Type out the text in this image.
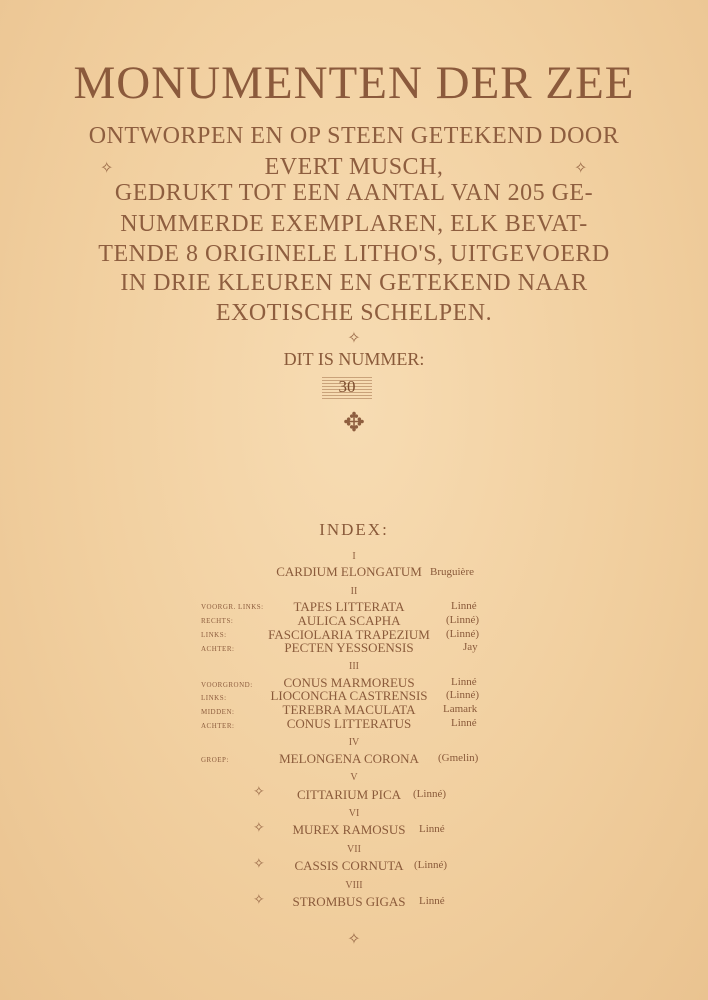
MONUMENTEN DER ZEE
ONTWORPEN EN OP STEEN GETEKEND DOOR
EVERT MUSCH,
✧	✧
GEDRUKT TOT EEN AANTAL VAN 205 GE-
NUMMERDE EXEMPLAREN, ELK BEVAT-
TENDE 8 ORIGINELE LITHO'S, UITGEVOERD
IN DRIE KLEUREN EN GETEKEND NAAR
EXOTISCHE SCHELPEN.
✧
DIT IS NUMMER:
30
✥
INDEX:
I
CARDIUM ELONGATUM Bruguière
II
VOORGR. LINKS:	TAPES LITTERATA	Linné
RECHTS:	AULICA SCAPHA	(Linné)
LINKS:	FASCIOLARIA TRAPEZIUM	(Linné)
ACHTER:	PECTEN YESSOENSIS	Jay
III
VOORGROND:	CONUS MARMOREUS	Linné
LINKS:	LIOCONCHA CASTRENSIS	(Linné)
MIDDEN:	TEREBRA MACULATA	Lamark
ACHTER:	CONUS LITTERATUS	Linné
IV
GROEP:	MELONGENA CORONA	(Gmelin)
V
✧	CITTARIUM PICA	(Linné)
VI
✧	MUREX RAMOSUS	Linné
VII
✧	CASSIS CORNUTA (Linné)
VIII
✧	STROMBUS GIGAS	Linné
✧
